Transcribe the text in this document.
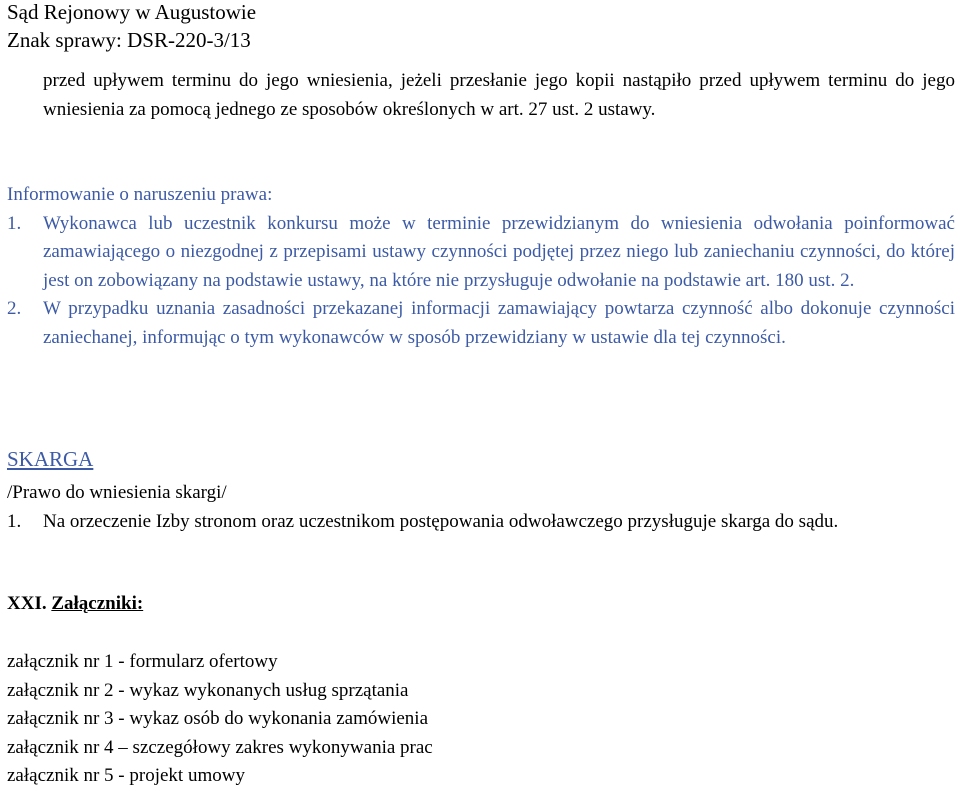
Sąd Rejonowy w Augustowie
Znak sprawy: DSR-220-3/13
przed upływem terminu do jego wniesienia, jeżeli przesłanie jego kopii nastąpiło przed upływem terminu do jego wniesienia za pomocą jednego ze sposobów określonych w art. 27 ust. 2 ustawy.
Informowanie o naruszeniu prawa:
1. Wykonawca lub uczestnik konkursu może w terminie przewidzianym do wniesienia odwołania poinformować zamawiającego o niezgodnej z przepisami ustawy czynności podjętej przez niego lub zaniechaniu czynności, do której jest on zobowiązany na podstawie ustawy, na które nie przysługuje odwołanie na podstawie art. 180 ust. 2.
2. W przypadku uznania zasadności przekazanej informacji zamawiający powtarza czynność albo dokonuje czynności zaniechanej, informując o tym wykonawców w sposób przewidziany w ustawie dla tej czynności.
SKARGA
/Prawo do wniesienia skargi/
1. Na orzeczenie Izby stronom oraz uczestnikom postępowania odwoławczego przysługuje skarga do sądu.
XXI. Załączniki:
załącznik nr 1 - formularz ofertowy
załącznik nr 2 - wykaz wykonanych usług sprzątania
załącznik nr 3 - wykaz osób do wykonania zamówienia
załącznik nr 4 – szczegółowy zakres wykonywania prac
załącznik nr 5 - projekt umowy
